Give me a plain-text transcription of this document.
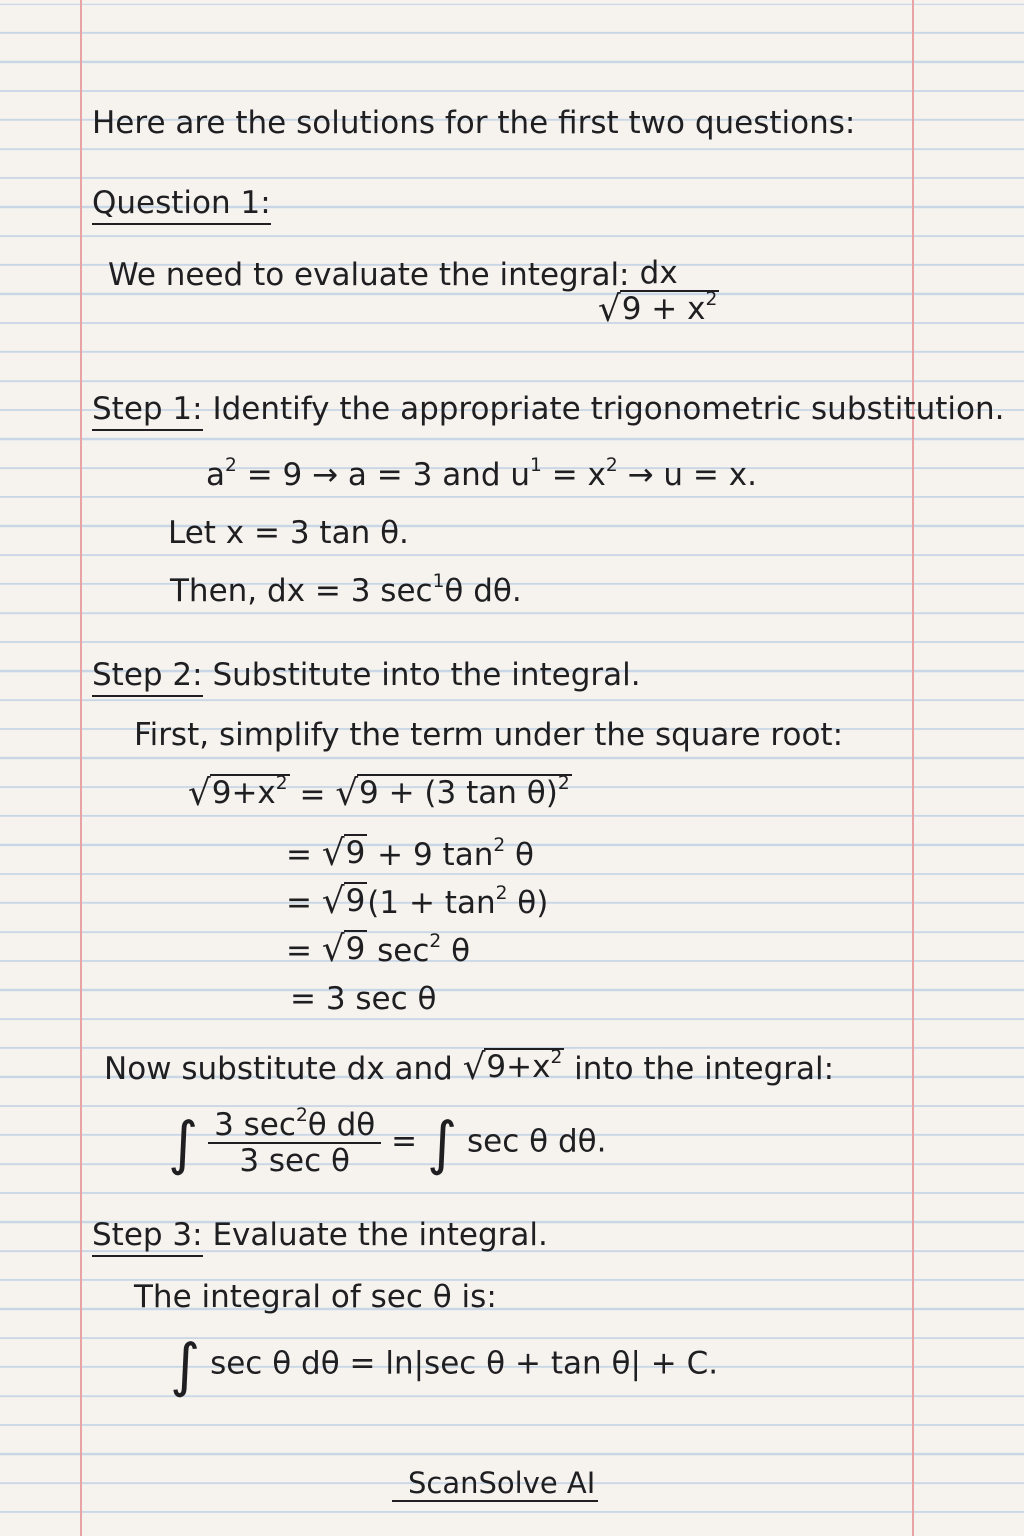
Here are the solutions for the first two questions:
Question 1:
We need to evaluate the integral: dx
√ $9 + x^2$
Step 1: Identify the appropriate trigonometric substitution.
$a^2 = 9 \to a = 3$ and $u^1 = x^2 \to u = x$.
Let x = 3 tan θ.
Then, dx = 3 $\sec^1\theta$ dθ.
Step 2: Substitute into the integral.
First, simplify the term under the square root:
√ $9+x^2$ = √ 9 + (3 tan θ)$^2$
= √ 9 + 9 $\tan^2 \theta$
= √ 9 $(1 + \tan^2 \theta)$
= √ 9 $\sec^2 \theta$
= 3 sec θ
Now substitute dx and √ $9+x^2$ into the integral:
∫ $\frac{3 \sec^2\theta d\theta}{\text{3 sec θ}}$ = ∫ sec θ dθ.
Step 3: Evaluate the integral.
The integral of sec θ is:
∫ sec θ dθ = ln|sec θ + tan θ| + C.
ScanSolve AI
